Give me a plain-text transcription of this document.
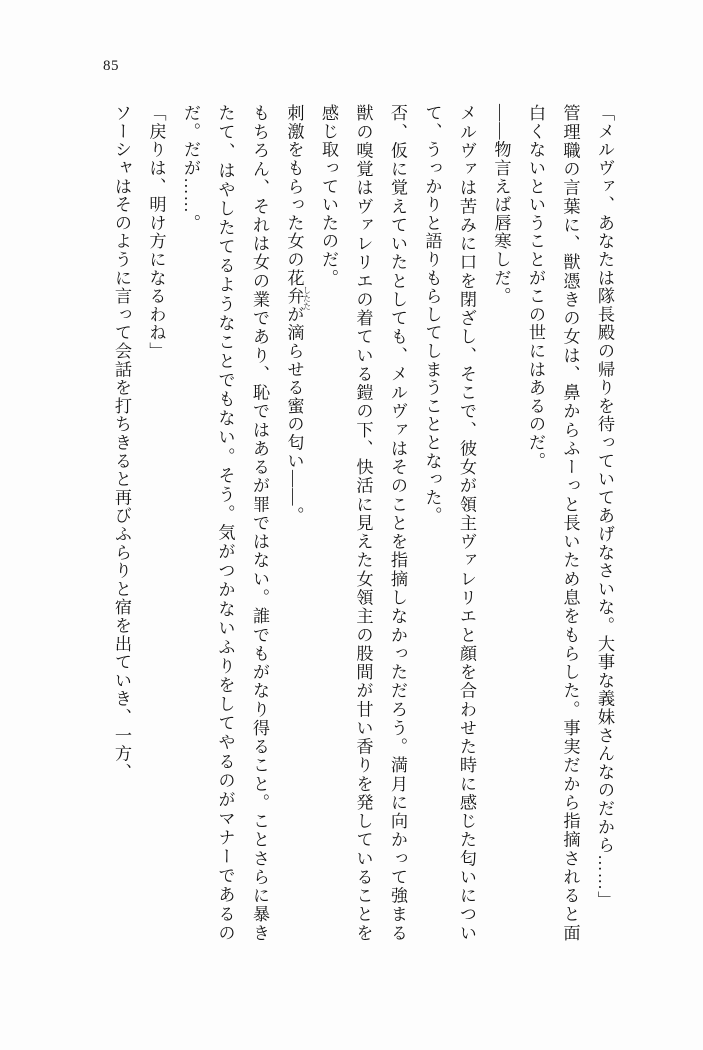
85

「メルヴァ、あなたは隊長殿の帰りを待っていてあげなさいな。大事な義妹さんなのだから……」

管理職の言葉に、獣憑きの女は、鼻からふーっと長いため息をもらした。事実だから指摘されると面白くないということがこの世にはあるのだ。

――物言えば唇寒しだ。

メルヴァは苦みに口を閉ざし、そこで、彼女が領主ヴァレリエと顔を合わせた時に感じた匂いについて、うっかりと語りもらしてしまうこととなった。

否、仮に覚えていたとしても、メルヴァはそのことを指摘しなかっただろう。満月に向かって強まる獣の嗅覚はヴァレリエの着ている鎧の下、快活に見えた女領主の股間が甘い香りを発していることを感じ取っていたのだ。

刺激をもらった女の花弁が滴らせる蜜の匂い――。 したた

もちろん、それは女の業であり、恥ではあるが罪ではない。誰でもがなり得ること。ことさらに暴きたて、はやしたてるようなことでもない。そう。気がつかないふりをしてやるのがマナーであるのだ。だが……。

「戻りは、明け方になるわね」

ソーシャはそのように言って会話を打ちきると再びふらりと宿を出ていき、一方、
